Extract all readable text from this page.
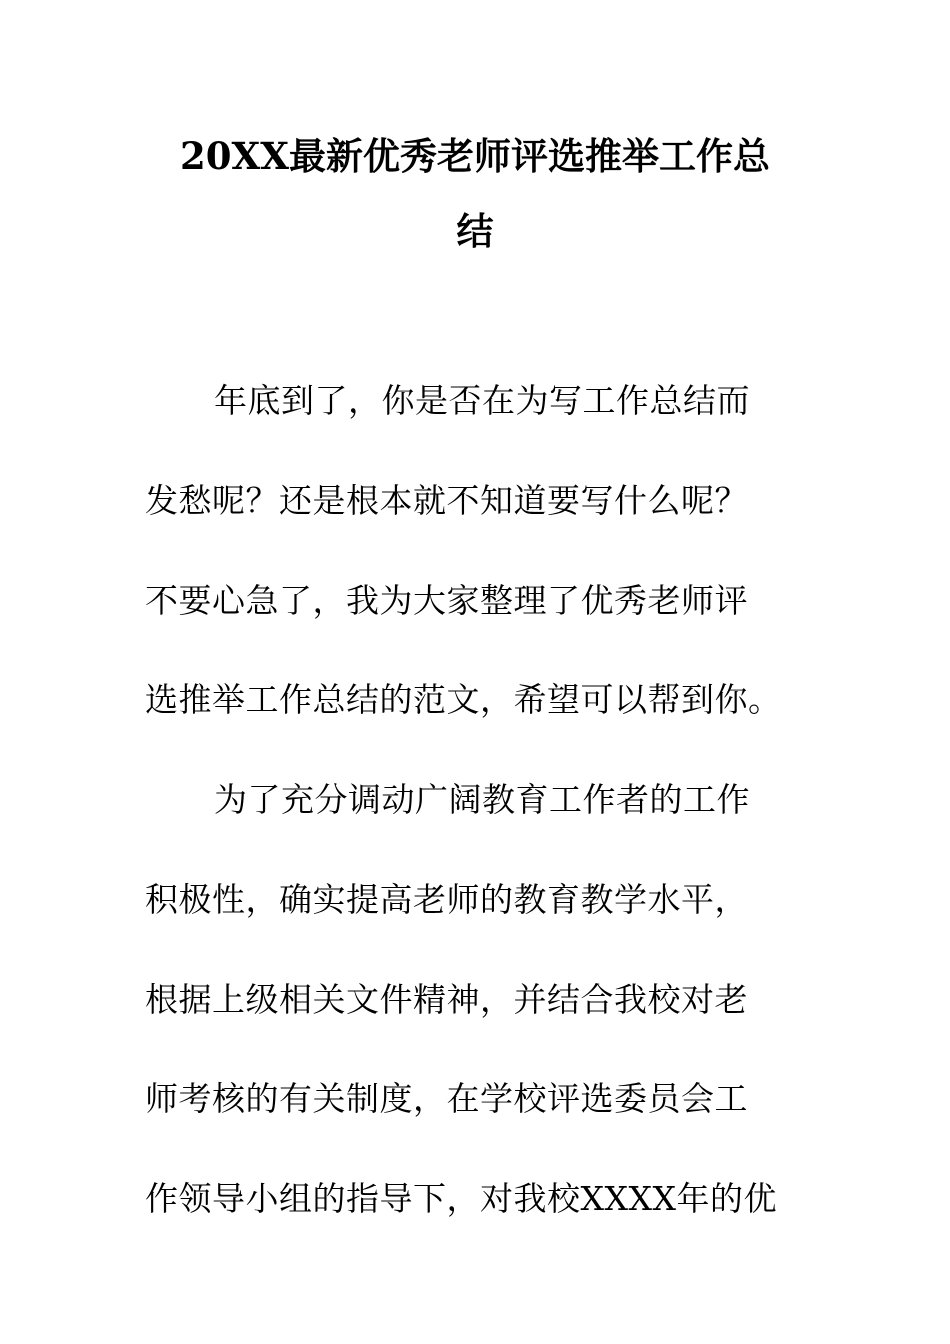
20XX最新优秀老师评选推举工作总
结

年底到了，你是否在为写工作总结而

发愁呢？还是根本就不知道要写什么呢？

不要心急了，我为大家整理了优秀老师评

选推举工作总结的范文，希望可以帮到你。

为了充分调动广阔教育工作者的工作

积极性，确实提高老师的教育教学水平，

根据上级相关文件精神，并结合我校对老

师考核的有关制度，在学校评选委员会工

作领导小组的指导下，对我校XXXX年的优
